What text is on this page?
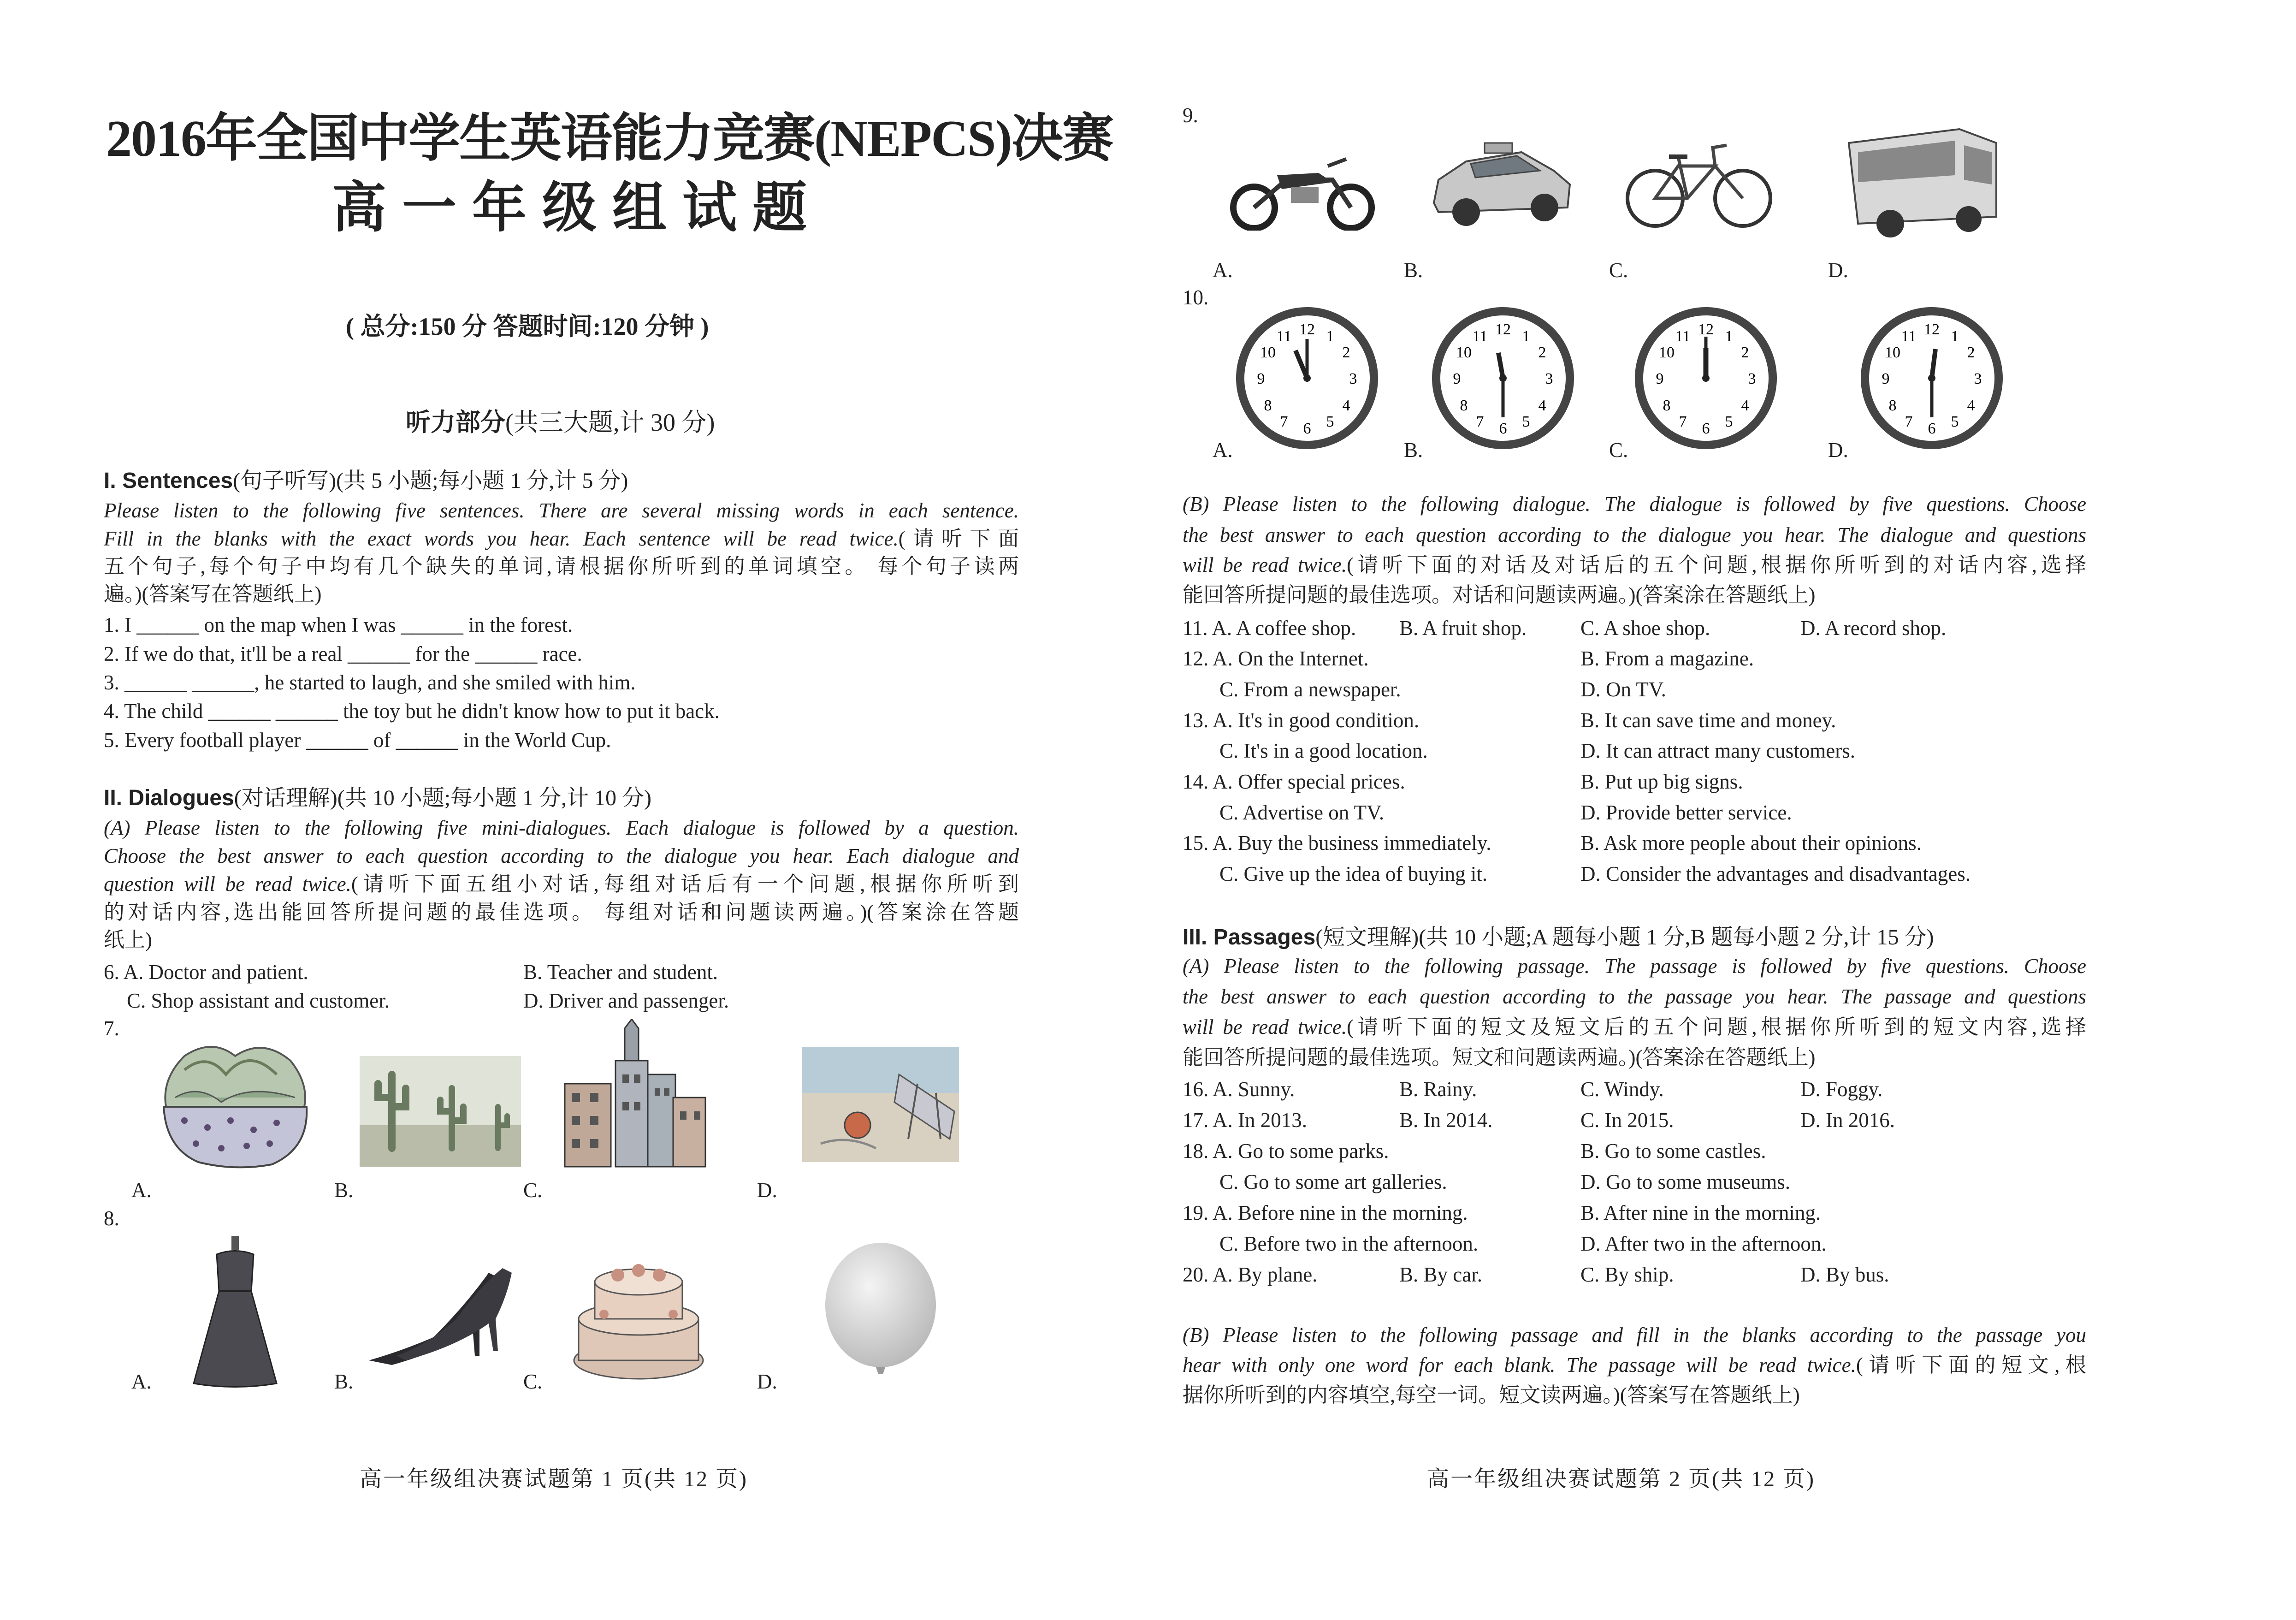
2016年全国中学生英语能力竞赛(NEPCS)决赛
高一年级组试题
( 总分:150 分 答题时间:120 分钟 )
听力部分(共三大题,计 30 分)
I. Sentences(句子听写)(共 5 小题;每小题 1 分,计 5 分)
Please listen to the following five sentences. There are several missing words in each sentence.
Fill in the blanks with the exact words you hear. Each sentence will be read twice.(请听下面
五个句子,每个句子中均有几个缺失的单词,请根据你所听到的单词填空。 每个句子读两
遍。)(答案写在答题纸上)
1. I ______ on the map when I was ______ in the forest.
2. If we do that, it'll be a real ______ for the ______ race.
3. ______ ______, he started to laugh, and she smiled with him.
4. The child ______ ______ the toy but he didn't know how to put it back.
5. Every football player ______ of ______ in the World Cup.
II. Dialogues(对话理解)(共 10 小题;每小题 1 分,计 10 分)
(A) Please listen to the following five mini-dialogues. Each dialogue is followed by a question.
Choose the best answer to each question according to the dialogue you hear. Each dialogue and
question will be read twice.(请听下面五组小对话,每组对话后有一个问题,根据你所听到
的对话内容,选出能回答所提问题的最佳选项。 每组对话和问题读两遍。)(答案涂在答题
纸上)
6. A. Doctor and patient.	B. Teacher and student.
C. Shop assistant and customer.	D. Driver and passenger.
7.
A.	B.	C.	D.
8.
A.	B.	C.	D.
高一年级组决赛试题第 1 页(共 12 页)
9.
A.	B.	C.	D.
10.
12 1
2
3
4
5
6
7
8
9
10
11	12 1
2
3
4
5
6
7
8
9
10
11	12 1
2
3
4
5
6
7
8
9
10
11	12 1
2
3
4
5
6
7
8
9
10
11
A.	B.	C.	D.
(B) Please listen to the following dialogue. The dialogue is followed by five questions. Choose
the best answer to each question according to the dialogue you hear. The dialogue and questions
will be read twice.(请听下面的对话及对话后的五个问题,根据你所听到的对话内容,选择
能回答所提问题的最佳选项。对话和问题读两遍。)(答案涂在答题纸上)
11. A. A coffee shop. B. A fruit shop.	C. A shoe shop.	D. A record shop.
12. A. On the Internet.	B. From a magazine.
C. From a newspaper.	D. On TV.
13. A. It's in good condition.	B. It can save time and money.
C. It's in a good location.	D. It can attract many customers.
14. A. Offer special prices.	B. Put up big signs.
C. Advertise on TV.	D. Provide better service.
15. A. Buy the business immediately.	B. Ask more people about their opinions.
C. Give up the idea of buying it.	D. Consider the advantages and disadvantages.
III. Passages(短文理解)(共 10 小题;A 题每小题 1 分,B 题每小题 2 分,计 15 分)
(A) Please listen to the following passage. The passage is followed by five questions. Choose
the best answer to each question according to the passage you hear. The passage and questions
will be read twice.(请听下面的短文及短文后的五个问题,根据你所听到的短文内容,选择
能回答所提问题的最佳选项。短文和问题读两遍。)(答案涂在答题纸上)
16. A. Sunny.	B. Rainy.	C. Windy.	D. Foggy.
17. A. In 2013.	B. In 2014.	C. In 2015.	D. In 2016.
18. A. Go to some parks.	B. Go to some castles.
C. Go to some art galleries.	D. Go to some museums.
19. A. Before nine in the morning.	B. After nine in the morning.
C. Before two in the afternoon.	D. After two in the afternoon.
20. A. By plane.	B. By car.	C. By ship.	D. By bus.
(B) Please listen to the following passage and fill in the blanks according to the passage you
hear with only one word for each blank. The passage will be read twice.(请听下面的短文,根
据你所听到的内容填空,每空一词。短文读两遍。)(答案写在答题纸上)
高一年级组决赛试题第 2 页(共 12 页)
